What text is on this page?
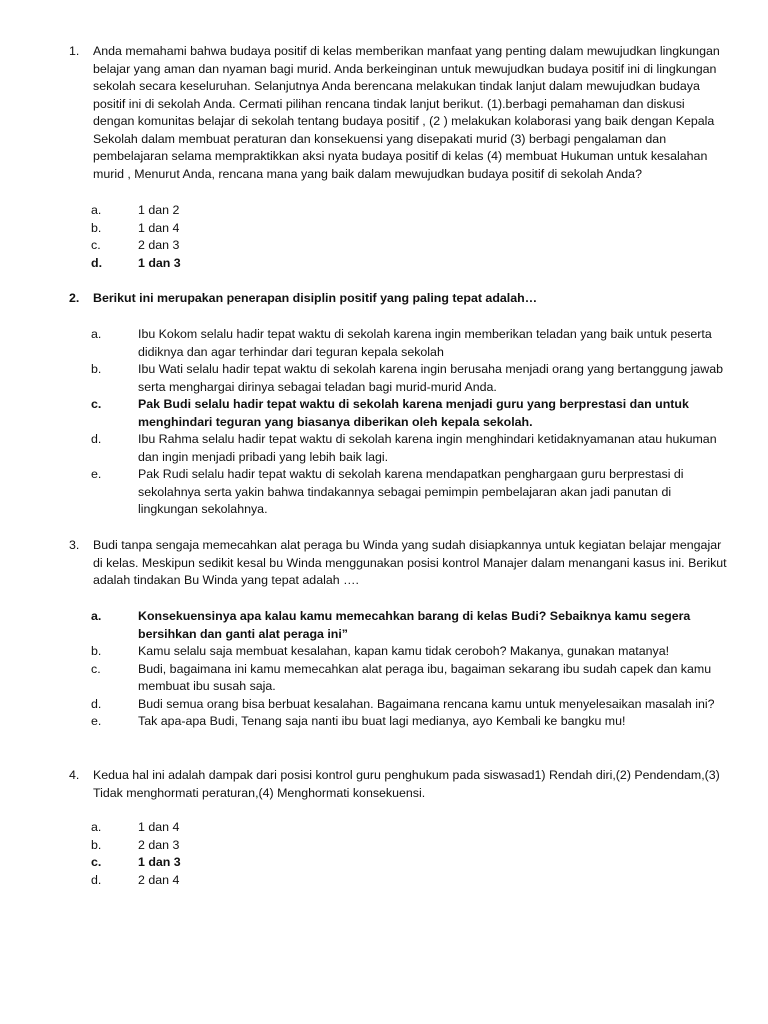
1. Anda memahami bahwa budaya positif di kelas memberikan manfaat yang penting dalam mewujudkan lingkungan belajar yang aman dan nyaman bagi murid. Anda berkeinginan untuk mewujudkan budaya positif ini di lingkungan sekolah secara keseluruhan. Selanjutnya Anda berencana melakukan tindak lanjut dalam mewujudkan budaya positif ini di sekolah Anda. Cermati pilihan rencana tindak lanjut berikut. (1).berbagi pemahaman dan diskusi dengan komunitas belajar di sekolah tentang budaya positif , (2 ) melakukan kolaborasi yang baik dengan Kepala Sekolah dalam membuat peraturan dan konsekuensi yang disepakati murid (3) berbagi pengalaman dan pembelajaran selama mempraktikkan aksi nyata budaya positif di kelas (4) membuat Hukuman untuk kesalahan murid , Menurut Anda, rencana mana yang baik dalam mewujudkan budaya positif di sekolah Anda?
a.	1 dan 2
b.	1 dan 4
c.	2 dan 3
d.	1 dan 3
2. Berikut ini merupakan penerapan disiplin positif yang paling tepat adalah…
a.	Ibu Kokom selalu hadir tepat waktu di sekolah karena ingin memberikan teladan yang baik untuk peserta didiknya dan agar terhindar dari teguran kepala sekolah
b.	Ibu Wati selalu hadir tepat waktu di sekolah karena ingin berusaha menjadi orang yang bertanggung jawab serta menghargai dirinya sebagai teladan bagi murid-murid Anda.
c.	Pak Budi selalu hadir tepat waktu di sekolah karena menjadi guru yang berprestasi dan untuk menghindari teguran yang biasanya diberikan oleh kepala sekolah.
d.	Ibu Rahma selalu hadir tepat waktu di sekolah karena ingin menghindari ketidaknyamanan atau hukuman dan ingin menjadi pribadi yang lebih baik lagi.
e.	Pak Rudi selalu hadir tepat waktu di sekolah karena mendapatkan penghargaan guru berprestasi di sekolahnya serta yakin bahwa tindakannya sebagai pemimpin pembelajaran akan jadi panutan di lingkungan sekolahnya.
3. Budi tanpa sengaja memecahkan alat peraga bu Winda yang sudah disiapkannya untuk kegiatan belajar mengajar di kelas. Meskipun sedikit kesal bu Winda menggunakan posisi kontrol Manajer dalam menangani kasus ini. Berikut adalah tindakan Bu Winda yang tepat adalah ….
a.	Konsekuensinya apa kalau kamu memecahkan barang di kelas Budi? Sebaiknya kamu segera bersihkan dan ganti alat peraga ini”
b.	Kamu selalu saja membuat kesalahan, kapan kamu tidak ceroboh? Makanya, gunakan matanya!
c.	Budi, bagaimana ini kamu memecahkan alat peraga ibu, bagaiman sekarang ibu sudah capek dan kamu membuat ibu susah saja.
d.	Budi semua orang bisa berbuat kesalahan. Bagaimana rencana kamu untuk menyelesaikan masalah ini?
e.	Tak apa-apa Budi, Tenang saja nanti ibu buat lagi medianya, ayo Kembali ke bangku mu!
4. Kedua hal ini adalah dampak dari posisi kontrol guru penghukum pada siswasad1) Rendah diri,(2) Pendendam,(3) Tidak menghormati peraturan,(4) Menghormati konsekuensi.
a.	1 dan 4
b.	2 dan 3
c.	1 dan 3
d.	2 dan 4
